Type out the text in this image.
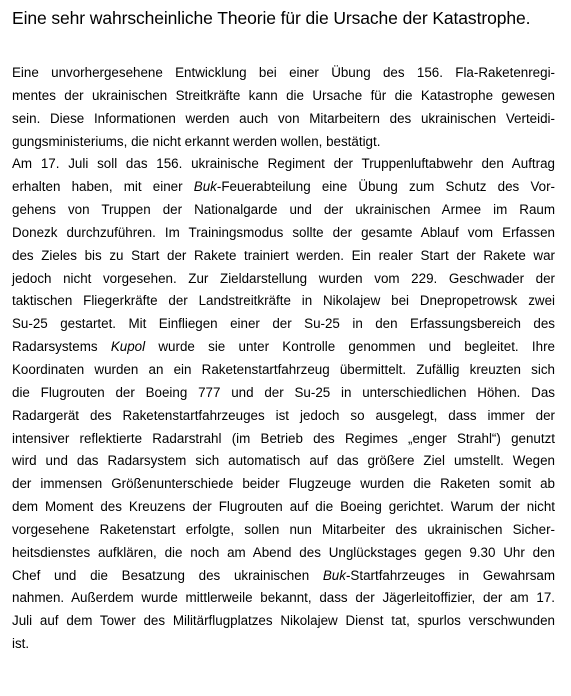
Eine sehr wahrscheinliche Theorie für die Ursache der Katastrophe.
Eine unvorhergesehene Entwicklung bei einer Übung des 156. Fla-Raketenregi-
mentes der ukrainischen Streitkräfte kann die Ursache für die Katastrophe gewesen
sein. Diese Informationen werden auch von Mitarbeitern des ukrainischen Verteidi-
gungsministeriums, die nicht erkannt werden wollen, bestätigt.
Am 17. Juli soll das 156. ukrainische Regiment der Truppenluftabwehr den Auftrag
erhalten haben, mit einer Buk-Feuerabteilung eine Übung zum Schutz des Vor-
gehens von Truppen der Nationalgarde und der ukrainischen Armee im Raum
Donezk durchzuführen. Im Trainingsmodus sollte der gesamte Ablauf vom Erfassen
des Zieles bis zu Start der Rakete trainiert werden. Ein realer Start der Rakete war
jedoch nicht vorgesehen. Zur Zieldarstellung wurden vom 229. Geschwader der
taktischen Fliegerkräfte der Landstreitkräfte in Nikolajew bei Dnepropetrowsk zwei
Su-25 gestartet. Mit Einfliegen einer der Su-25 in den Erfassungsbereich des
Radarsystems Kupol wurde sie unter Kontrolle genommen und begleitet. Ihre
Koordinaten wurden an ein Raketenstartfahrzeug übermittelt. Zufällig kreuzten sich
die Flugrouten der Boeing 777 und der Su-25 in unterschiedlichen Höhen. Das
Radargerät des Raketenstartfahrzeuges ist jedoch so ausgelegt, dass immer der
intensiver reflektierte Radarstrahl (im Betrieb des Regimes „enger Strahl“) genutzt
wird und das Radarsystem sich automatisch auf das größere Ziel umstellt. Wegen
der immensen Größenunterschiede beider Flugzeuge wurden die Raketen somit ab
dem Moment des Kreuzens der Flugrouten auf die Boeing gerichtet. Warum der nicht
vorgesehene Raketenstart erfolgte, sollen nun Mitarbeiter des ukrainischen Sicher-
heitsdienstes aufklären, die noch am Abend des Unglückstages gegen 9.30 Uhr den
Chef und die Besatzung des ukrainischen Buk-Startfahrzeuges in Gewahrsam
nahmen. Außerdem wurde mittlerweile bekannt, dass der Jägerleitoffizier, der am 17.
Juli auf dem Tower des Militärflugplatzes Nikolajew Dienst tat, spurlos verschwunden
ist.
